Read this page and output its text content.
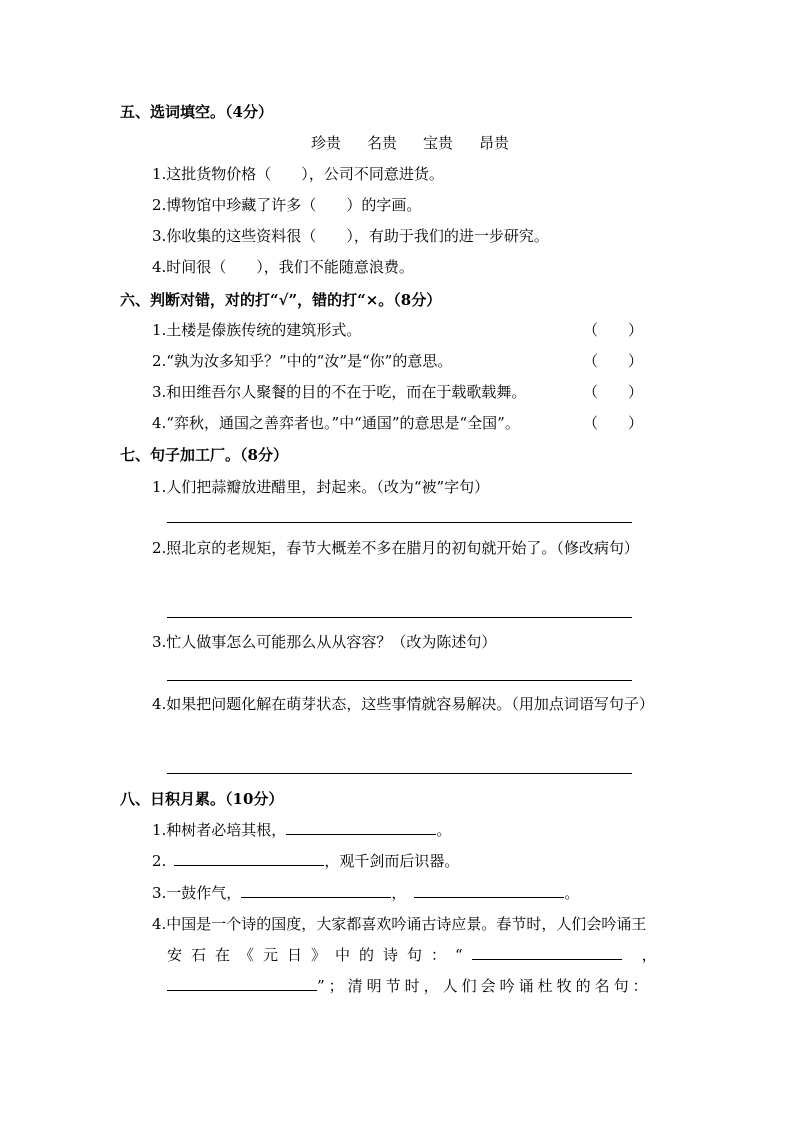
五、选词填空。（4分）
珍贵 名贵 宝贵 昂贵
1.这批货物价格（　　），公司不同意进货。
2.博物馆中珍藏了许多（　　）的字画。
3.你收集的这些资料很（　　），有助于我们的进一步研究。
4.时间很（　　），我们不能随意浪费。
六、判断对错，对的打“√”，错的打“×。（8分）
1.土楼是傣族传统的建筑形式。	（　　）
2.“孰为汝多知乎？”中的“汝”是“你”的意思。	（　　）
3.和田维吾尔人聚餐的目的不在于吃，而在于载歌载舞。	（　　）
4.“弈秋，通国之善弈者也。”中“通国”的意思是“全国”。	（　　）
七、句子加工厂。（8分）
1.人们把蒜瓣放进醋里，封起来。（改为“被”字句）
2.照北京的老规矩，春节大概差不多在腊月的初旬就开始了。（修改病句）
3.忙人做事怎么可能那么从从容容？（改为陈述句）
4.如果把问题化解在萌芽状态，这些事情就容易解决。（用加点词语写句子）
八、日积月累。（10分）
1.种树者必培其根，	。
2.	，观千剑而后识器。
3.一鼓作气，	，	。
4.中国是一个诗的国度，大家都喜欢吟诵古诗应景。春节时，人们会吟诵王
安石在《元日》中的诗句：“	，
”；清明节时，人们会吟诵杜牧的名句：
